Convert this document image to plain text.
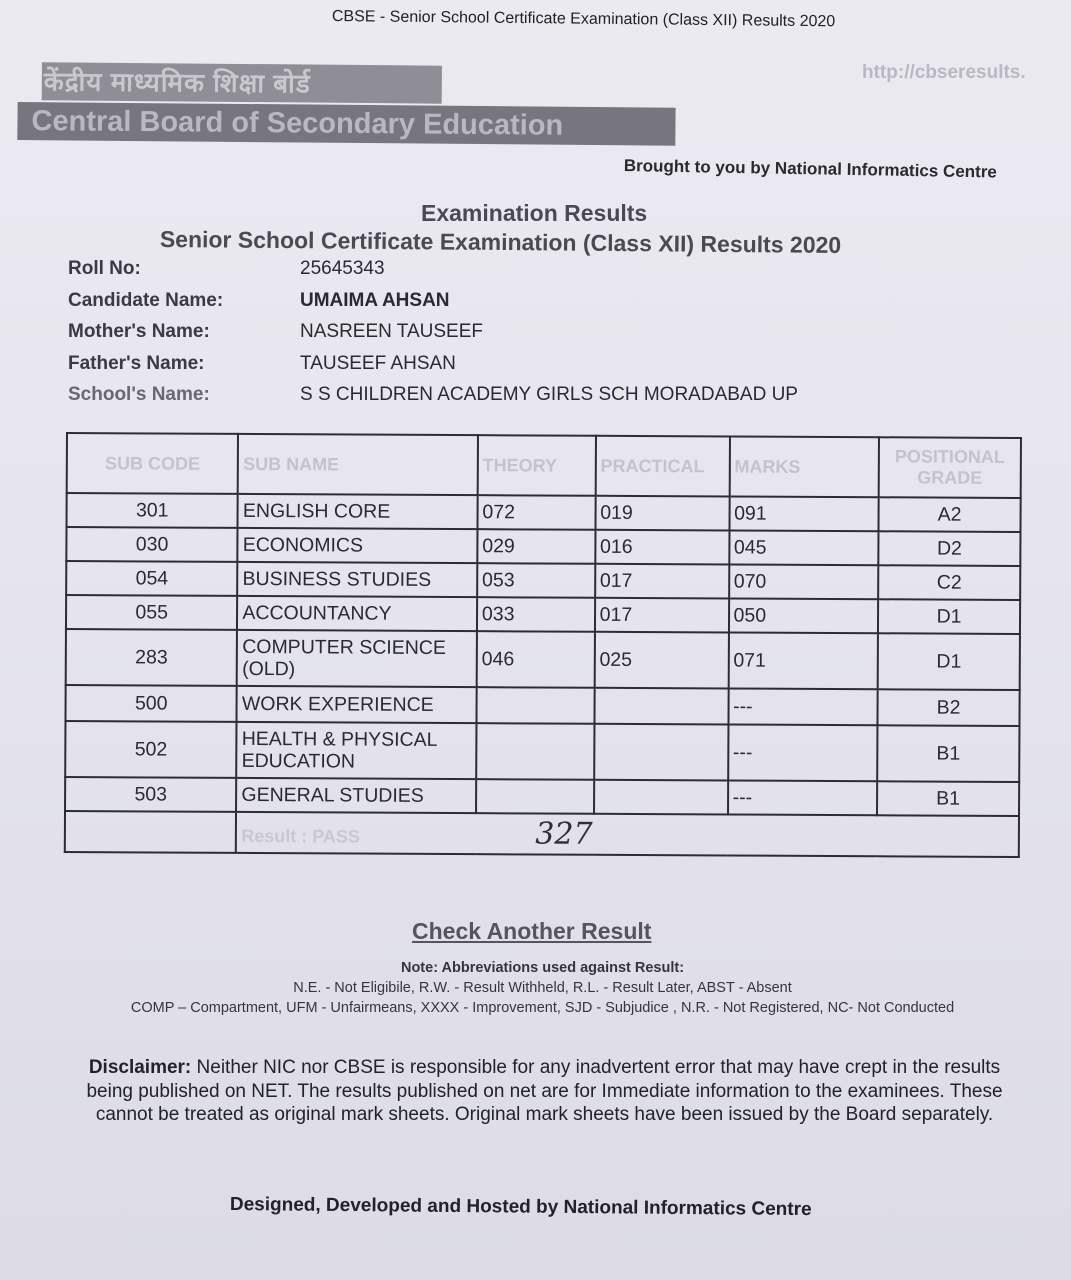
CBSE - Senior School Certificate Examination (Class XII) Results 2020
http://cbseresults.
केंद्रीय माध्यमिक शिक्षा बोर्ड
Central Board of Secondary Education
Brought to you by National Informatics Centre
Examination Results
Senior School Certificate Examination (Class XII) Results 2020
Roll No:	25645343
Candidate Name:	UMAIMA AHSAN
Mother's Name:	NASREEN TAUSEEF
Father's Name:	TAUSEEF AHSAN
School's Name:	S S CHILDREN ACADEMY GIRLS SCH MORADABAD UP
SUB CODE	SUB NAME	THEORY	PRACTICAL	MARKS	POSITIONAL GRADE
301	ENGLISH CORE	072	019	091	A2
030	ECONOMICS	029	016	045	D2
054	BUSINESS STUDIES	053	017	070	C2
055	ACCOUNTANCY	033	017	050	D1
283	COMPUTER SCIENCE (OLD)	046	025	071	D1
500	WORK EXPERIENCE			---	B2
502	HEALTH & PHYSICAL EDUCATION			---	B1
503	GENERAL STUDIES			---	B1
	Result : PASS 327				
Check Another Result
Note: Abbreviations used against Result:
N.E. - Not Eligibile, R.W. - Result Withheld, R.L. - Result Later, ABST - Absent
COMP – Compartment, UFM - Unfairmeans, XXXX - Improvement, SJD - Subjudice , N.R. - Not Registered, NC- Not Conducted
Disclaimer: Neither NIC nor CBSE is responsible for any inadvertent error that may have crept in the results being published on NET. The results published on net are for Immediate information to the examinees. These cannot be treated as original mark sheets. Original mark sheets have been issued by the Board separately.
Designed, Developed and Hosted by National Informatics Centre
